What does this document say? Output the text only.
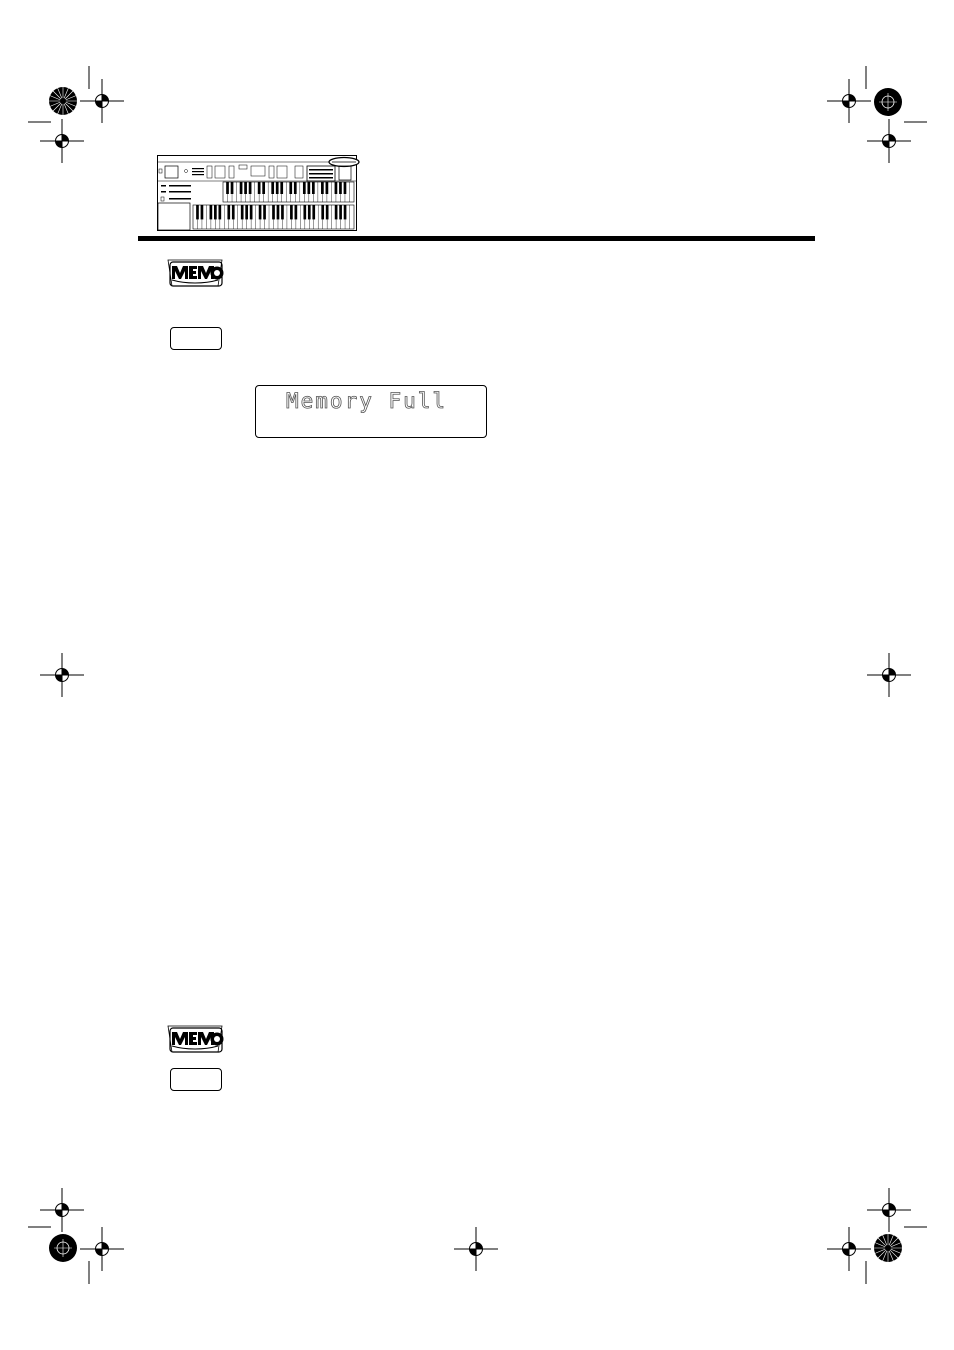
Memory Full
